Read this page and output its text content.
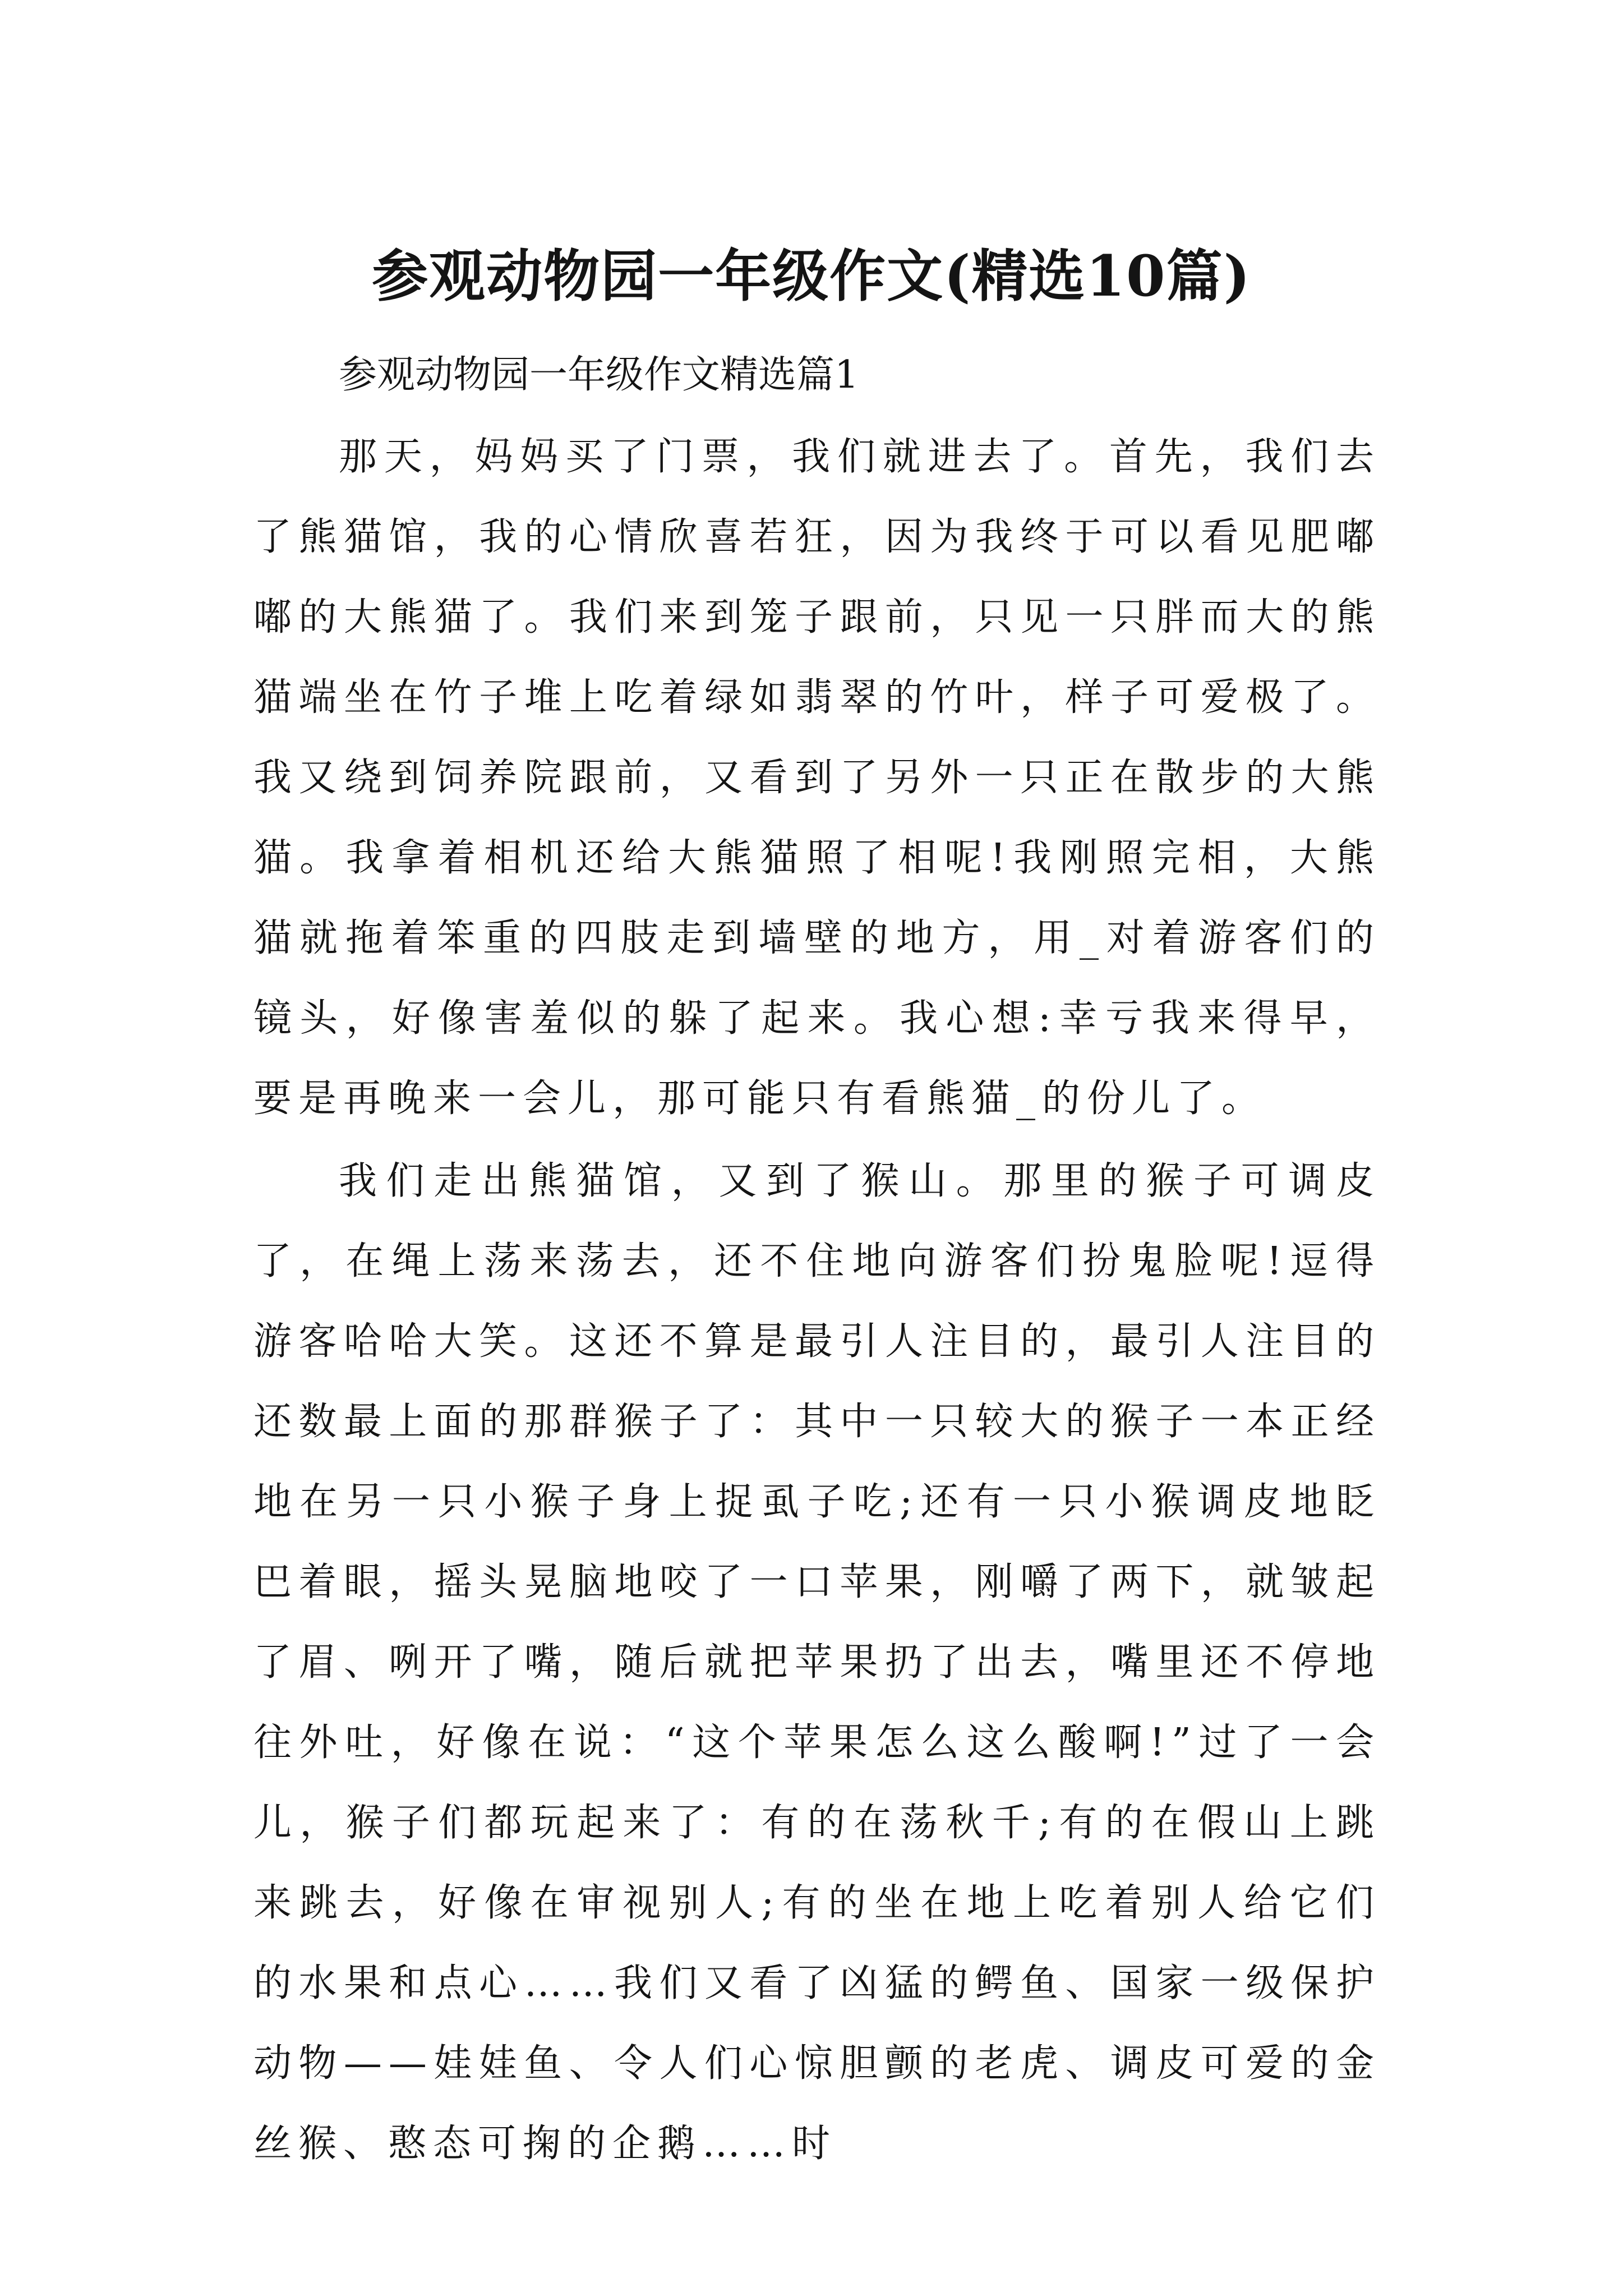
参观动物园一年级作文(精选10篇)

参观动物园一年级作文精选篇1

那天，妈妈买了门票，我们就进去了。首先，我们去了熊猫馆，我的心情欣喜若狂，因为我终于可以看见肥嘟嘟的大熊猫了。我们来到笼子跟前，只见一只胖而大的熊猫端坐在竹子堆上吃着绿如翡翠的竹叶，样子可爱极了。我又绕到饲养院跟前，又看到了另外一只正在散步的大熊猫。我拿着相机还给大熊猫照了相呢!我刚照完相，大熊猫就拖着笨重的四肢走到墙壁的地方，用_对着游客们的镜头，好像害羞似的躲了起来。我心想:幸亏我来得早，要是再晚来一会儿，那可能只有看熊猫_的份儿了。

我们走出熊猫馆，又到了猴山。那里的猴子可调皮了，在绳上荡来荡去，还不住地向游客们扮鬼脸呢!逗得游客哈哈大笑。这还不算是最引人注目的，最引人注目的还数最上面的那群猴子了：其中一只较大的猴子一本正经地在另一只小猴子身上捉虱子吃;还有一只小猴调皮地眨巴着眼，摇头晃脑地咬了一口苹果，刚嚼了两下，就皱起了眉、咧开了嘴，随后就把苹果扔了出去，嘴里还不停地往外吐，好像在说：“这个苹果怎么这么酸啊!”过了一会儿，猴子们都玩起来了：有的在荡秋千;有的在假山上跳来跳去，好像在审视别人;有的坐在地上吃着别人给它们的水果和点心……我们又看了凶猛的鳄鱼、国家一级保护动物——娃娃鱼、令人们心惊胆颤的老虎、调皮可爱的金丝猴、憨态可掬的企鹅……时
